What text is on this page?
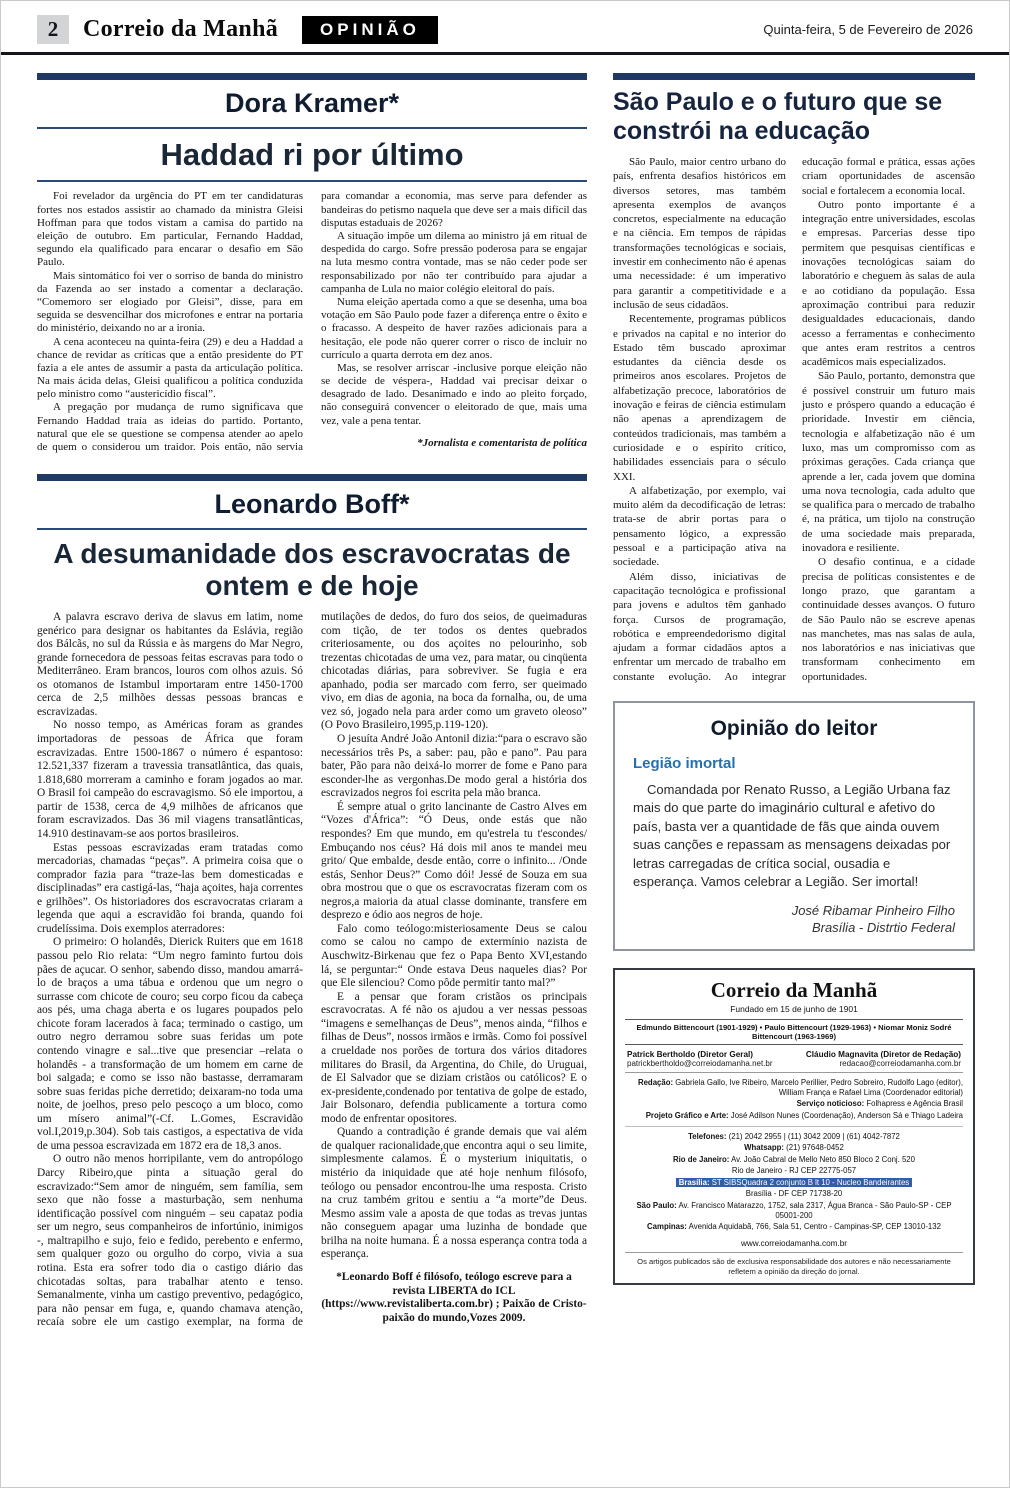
2	Correio da Manhã	OPINIÃO	Quinta-feira, 5 de Fevereiro de 2026
Dora Kramer*
Haddad ri por último

Foi revelador da urgência do PT em ter candidaturas fortes nos estados assistir ao chamado da ministra Gleisi Hoffman para que todos vistam a camisa do partido na eleição de outubro. Em particular, Fernando Haddad, segundo ela qualificado para encarar o desafio em São Paulo.

Mais sintomático foi ver o sorriso de banda do ministro da Fazenda ao ser instado a comentar a declaração. “Comemoro ser elogiado por Gleisi”, disse, para em seguida se desvencilhar dos microfones e entrar na portaria do ministério, deixando no ar a ironia.

A cena aconteceu na quinta-feira (29) e deu a Haddad a chance de revidar as críticas que a então presidente do PT fazia a ele antes de assumir a pasta da articulação política. Na mais ácida delas, Gleisi qualificou a política conduzida pelo ministro como “austericídio fiscal”.

A pregação por mudança de rumo significava que Fernando Haddad traía as ideias do partido. Portanto, natural que ele se questione se compensa atender ao apelo de quem o considerou um traidor. Pois então, não servia para comandar a economia, mas serve para defender as bandeiras do petismo naquela que deve ser a mais difícil das disputas estaduais de 2026?

A situação impõe um dilema ao ministro já em ritual de despedida do cargo. Sofre pressão poderosa para se engajar na luta mesmo contra vontade, mas se não ceder pode ser responsabilizado por não ter contribuído para ajudar a campanha de Lula no maior colégio eleitoral do país.

Numa eleição apertada como a que se desenha, uma boa votação em São Paulo pode fazer a diferença entre o êxito e o fracasso. A despeito de haver razões adicionais para a hesitação, ele pode não querer correr o risco de incluir no currículo a quarta derrota em dez anos.

Mas, se resolver arriscar -inclusive porque eleição não se decide de véspera-, Haddad vai precisar deixar o desagrado de lado. Desanimado e indo ao pleito forçado, não conseguirá convencer o eleitorado de que, mais uma vez, vale a pena tentar.

*Jornalista e comentarista de política

Leonardo Boff*
A desumanidade dos escravocratas de ontem e de hoje

A palavra escravo deriva de slavus em latim, nome genérico para designar os habitantes da Eslávia, região dos Bálcãs, no sul da Rússia e às margens do Mar Negro, grande fornecedora de pessoas feitas escravas para todo o Mediterrâneo. Eram brancos, louros com olhos azuis. Só os otomanos de Istambul importaram entre 1450-1700 cerca de 2,5 milhões dessas pessoas brancas e escravizadas.

No nosso tempo, as Américas foram as grandes importadoras de pessoas de África que foram escravizadas. Entre 1500-1867 o número é espantoso: 12.521,337 fizeram a travessia transatlântica, das quais, 1.818,680 morreram a caminho e foram jogados ao mar. O Brasil foi campeão do escravagismo. Só ele importou, a partir de 1538, cerca de 4,9 milhões de africanos que foram escravizados. Das 36 mil viagens transatlânticas, 14.910 destinavam-se aos portos brasileiros.

Estas pessoas escravizadas eram tratadas como mercadorias, chamadas “peças”. A primeira coisa que o comprador fazia para “traze-las bem domesticadas e disciplinadas” era castigá-las, “haja açoites, haja correntes e grilhões”. Os historiadores dos escravocratas criaram a legenda que aqui a escravidão foi branda, quando foi crudelíssima. Dois exemplos aterradores:

O primeiro: O holandês, Dierick Ruiters que em 1618 passou pelo Rio relata: “Um negro faminto furtou dois pães de açucar. O senhor, sabendo disso, mandou amarrá-lo de braços a uma tábua e ordenou que um negro o surrasse com chicote de couro; seu corpo ficou da cabeça aos pés, uma chaga aberta e os lugares poupados pelo chicote foram lacerados à faca; terminado o castigo, um outro negro derramou sobre suas feridas um pote contendo vinagre e sal...tive que presenciar –relata o holandês - a transformação de um homem em carne de boi salgada; e como se isso não bastasse, derramaram sobre suas feridas piche derretido; deixaram-no toda uma noite, de joelhos, preso pelo pescoço a um bloco, como um mísero animal”(-Cf. L.Gomes, Escravidão vol.I,2019,p.304). Sob tais castigos, a espectativa de vida de uma pessoa escravizada em 1872 era de 18,3 anos.

O outro não menos horripilante, vem do antropólogo Darcy Ribeiro,que pinta a situação geral do escravizado:“Sem amor de ninguém, sem família, sem sexo que não fosse a masturbação, sem nenhuma identificação possível com ninguém – seu capataz podia ser um negro, seus companheiros de infortúnio, inimigos -, maltrapilho e sujo, feio e fedido, perebento e enfermo, sem qualquer gozo ou orgulho do corpo, vivia a sua rotina. Esta era sofrer todo dia o castigo diário das chicotadas soltas, para trabalhar atento e tenso. Semanalmente, vinha um castigo preventivo, pedagógico, para não pensar em fuga, e, quando chamava atenção, recaía sobre ele um castigo exemplar, na forma de mutilações de dedos, do furo dos seios, de queimaduras com tição, de ter todos os dentes quebrados criteriosamente, ou dos açoites no pelourinho, sob trezentas chicotadas de uma vez, para matar, ou cinqüenta chicotadas diárias, para sobreviver. Se fugia e era apanhado, podia ser marcado com ferro, ser queimado vivo, em dias de agonia, na boca da fornalha, ou, de uma vez só, jogado nela para arder como um graveto oleoso” (O Povo Brasileiro,1995,p.119-120).

O jesuíta André João Antonil dizia:“para o escravo são necessários três Ps, a saber: pau, pão e pano”. Pau para bater, Pão para não deixá-lo morrer de fome e Pano para esconder-lhe as vergonhas.De modo geral a história dos escravizados negros foi escrita pela mão branca.

É sempre atual o grito lancinante de Castro Alves em “Vozes d'África”: “Ó Deus, onde estás que não respondes? Em que mundo, em qu'estrela tu t'escondes/ Embuçando nos céus? Há dois mil anos te mandei meu grito/ Que embalde, desde então, corre o infinito... /Onde estás, Senhor Deus?” Como dói! Jessé de Souza em sua obra mostrou que o que os escravocratas fizeram com os negros,a maioria da atual classe dominante, transfere em desprezo e ódio aos negros de hoje.

Falo como teólogo:misteriosamente Deus se calou como se calou no campo de extermínio nazista de Auschwitz-Birkenau que fez o Papa Bento XVI,estando lá, se perguntar:“ Onde estava Deus naqueles dias? Por que Ele silenciou? Como pôde permitir tanto mal?”

E a pensar que foram cristãos os principais escravocratas. A fé não os ajudou a ver nessas pessoas “imagens e semelhanças de Deus”, menos ainda, “filhos e filhas de Deus”, nossos irmãos e irmãs. Como foi possível a crueldade nos porões de tortura dos vários ditadores militares do Brasil, da Argentina, do Chile, do Uruguai, de El Salvador que se diziam cristãos ou católicos? E o ex-presidente,condenado por tentativa de golpe de estado, Jair Bolsonaro, defendia publicamente a tortura como modo de enfrentar opositores.

Quando a contradição é grande demais que vai além de qualquer racionalidade,que encontra aqui o seu limite, simplesmente calamos. É o mysterium iniquitatis, o mistério da iniquidade que até hoje nenhum filósofo, teólogo ou pensador encontrou-lhe uma resposta. Cristo na cruz também gritou e sentiu a “a morte”de Deus. Mesmo assim vale a aposta de que todas as trevas juntas não conseguem apagar uma luzinha de bondade que brilha na noite humana. É a nossa esperança contra toda a esperança.

*Leonardo Boff é filósofo, teólogo escreve para a revista LIBERTA do ICL (https://www.revistaliberta.com.br) ; Paixão de Cristo-paixão do mundo,Vozes 2009.

São Paulo e o futuro que se constrói na educação

São Paulo, maior centro urbano do país, enfrenta desafios históricos em diversos setores, mas também apresenta exemplos de avanços concretos, especialmente na educação e na ciência. Em tempos de rápidas transformações tecnológicas e sociais, investir em conhecimento não é apenas uma necessidade: é um imperativo para garantir a competitividade e a inclusão de seus cidadãos.

Recentemente, programas públicos e privados na capital e no interior do Estado têm buscado aproximar estudantes da ciência desde os primeiros anos escolares. Projetos de alfabetização precoce, laboratórios de inovação e feiras de ciência estimulam não apenas a aprendizagem de conteúdos tradicionais, mas também a curiosidade e o espírito crítico, habilidades essenciais para o século XXI.

A alfabetização, por exemplo, vai muito além da decodificação de letras: trata-se de abrir portas para o pensamento lógico, a expressão pessoal e a participação ativa na sociedade.

Além disso, iniciativas de capacitação tecnológica e profissional para jovens e adultos têm ganhado força. Cursos de programação, robótica e empreendedorismo digital ajudam a formar cidadãos aptos a enfrentar um mercado de trabalho em constante evolução. Ao integrar educação formal e prática, essas ações criam oportunidades de ascensão social e fortalecem a economia local.

Outro ponto importante é a integração entre universidades, escolas e empresas. Parcerias desse tipo permitem que pesquisas científicas e inovações tecnológicas saiam do laboratório e cheguem às salas de aula e ao cotidiano da população. Essa aproximação contribui para reduzir desigualdades educacionais, dando acesso a ferramentas e conhecimento que antes eram restritos a centros acadêmicos mais especializados.

São Paulo, portanto, demonstra que é possível construir um futuro mais justo e próspero quando a educação é prioridade. Investir em ciência, tecnologia e alfabetização não é um luxo, mas um compromisso com as próximas gerações. Cada criança que aprende a ler, cada jovem que domina uma nova tecnologia, cada adulto que se qualifica para o mercado de trabalho é, na prática, um tijolo na construção de uma sociedade mais preparada, inovadora e resiliente.

O desafio continua, e a cidade precisa de políticas consistentes e de longo prazo, que garantam a continuidade desses avanços. O futuro de São Paulo não se escreve apenas nas manchetes, mas nas salas de aula, nos laboratórios e nas iniciativas que transformam conhecimento em oportunidades.

Opinião do leitor
Legião imortal

Comandada por Renato Russo, a Legião Urbana faz mais do que parte do imaginário cultural e afetivo do país, basta ver a quantidade de fãs que ainda ouvem suas canções e repassam as mensagens deixadas por letras carregadas de crítica social, ousadia e esperança. Vamos celebrar a Legião. Ser imortal!

José Ribamar Pinheiro Filho
Brasília - Distrtio Federal
Correio da Manhã
Fundado em 15 de junho de 1901
Edmundo Bittencourt (1901-1929) • Paulo Bittencourt (1929-1963) • Niomar Moniz Sodré Bittencourt (1963-1969)
Patrick Bertholdo (Diretor Geral)
patrickbertholdo@correiodamanha.net.br
Cláudio Magnavita (Diretor de Redação)
redacao@correiodamanha.com.br
Redação: Gabriela Gallo, Ive Ribeiro, Marcelo Perillier, Pedro Sobreiro, Rudolfo Lago (editor), William França e Rafael Lima (Coordenador editorial)
Serviço noticioso: Folhapress e Agência Brasil
Projeto Gráfico e Arte: José Adilson Nunes (Coordenação), Anderson Sá e Thiago Ladeira
Telefones: (21) 2042 2955 | (11) 3042 2009 | (61) 4042-7872
Whatsapp: (21) 97648-0452
Rio de Janeiro: Av. João Cabral de Mello Neto 850 Bloco 2 Conj. 520
Rio de Janeiro - RJ CEP 22775-057
Brasília: ST SIBSQuadra 2 conjunto B lt 10 - Nucleo Bandeirantes
Brasília - DF CEP 71738-20
São Paulo: Av. Francisco Matarazzo, 1752, sala 2317, Água Branca - São Paulo-SP - CEP 05001-200
Campinas: Avenida Aquidabã, 766, Sala 51, Centro - Campinas-SP, CEP 13010-132
www.correiodamanha.com.br
Os artigos publicados são de exclusiva responsabilidade dos autores e não necessariamente refletem a opinião da direção do jornal.
